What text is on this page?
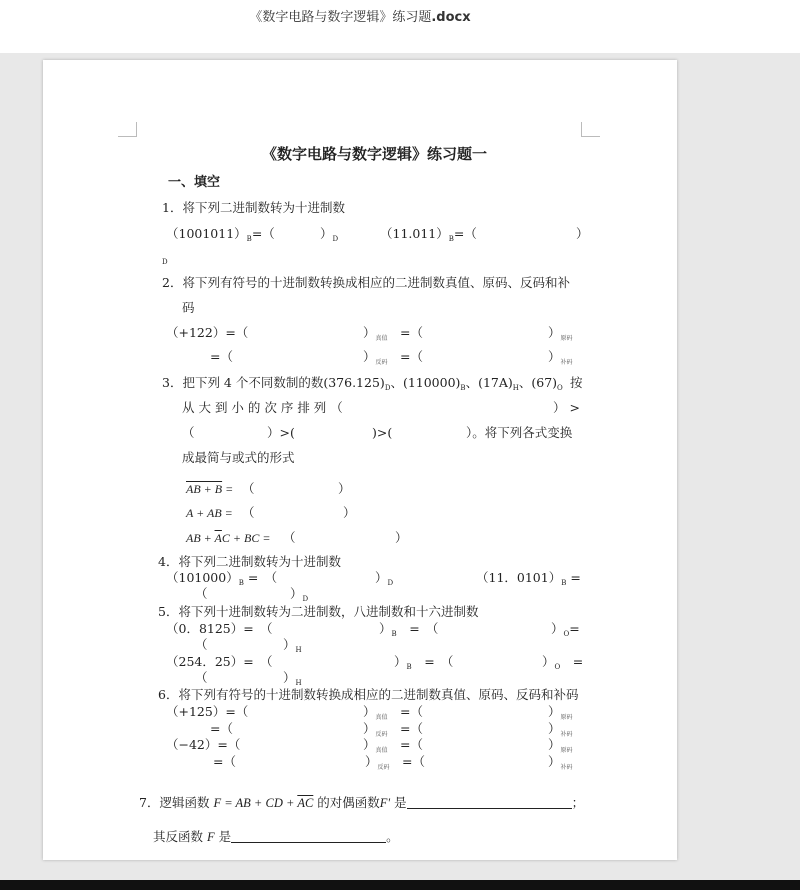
《数字电路与数字逻辑》练习题.docx
《数字电路与数字逻辑》练习题一
一、填空
1．将下列二进制数转为十进制数
$(1001011)_B=$（	）$_D$	$(11.011)_B=$（	）
D
2．将下列有符号的十进制数转换成相应的二进制数真值、原码、反码和补
码
（+122）=（	）$_{真值}$　 =（	）$_{原码}$
=（	）$_{反码}$　 =（	）$_{补码}$
3．把下列 4 个不同数制的数$(376.125)_D$、$(110000)_B$、$(17A)_H$、$(67)_O$ 按
从 大 到 小 的 次 序 排 列 （	） >
（	）>(	)>(	）。将下列各式变换
成最简与或式的形式
AB + B = （	）
A + AB = （	）
AB + $\overline{A}C$ + BC = （	）
4．将下列二进制数转为十进制数
$(101000)_B$ =　（	）$_D$	（11．$0101)_B$ =
（	）$_D$
5．将下列十进制数转为二进制数，八进制数和十六进制数
（0．8125）=　（	）$_B$　 =　（	）$_O=$
（	）$_H$
（254．25）=　（	）$_B$　 =　（	）$_O$　 =
（	）$_H$
6．将下列有符号的十进制数转换成相应的二进制数真值、原码、反码和补码
（+125）=（	）$_{真值}$　 =（	）$_{原码}$
=（	）$_{反码}$　 =（	）$_{补码}$
（−42）=（	）$_{真值}$　 =（	）$_{原码}$
=（	）$_{反码}$　 =（	）$_{补码}$
7．逻辑函数 F = AB + CD + $\overline{AC}$ 的对偶函数F' 是	；
其反函数 F 是	。
